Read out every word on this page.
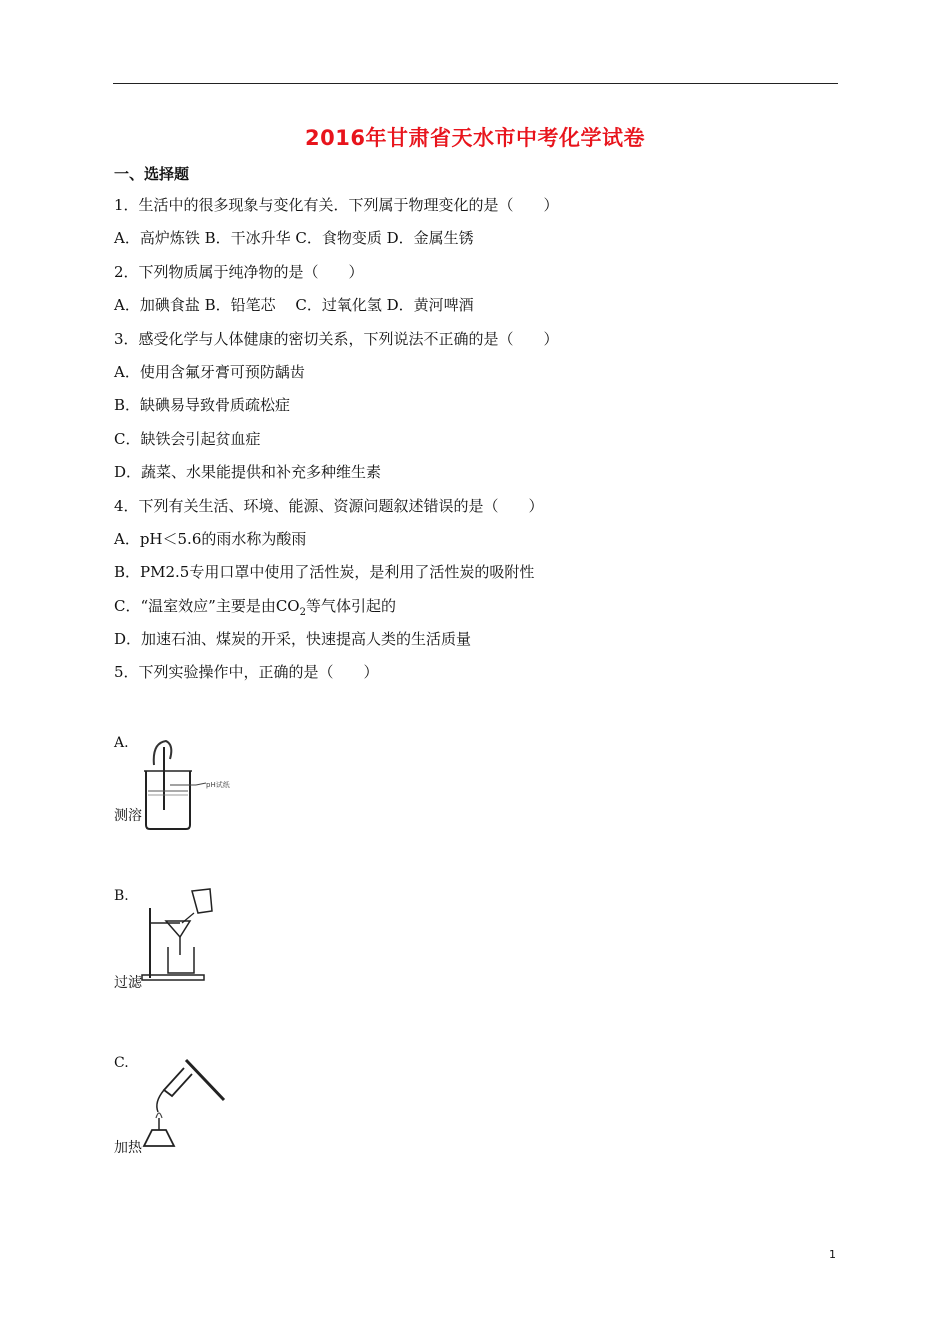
2016年甘肃省天水市中考化学试卷
一、选择题
1．生活中的很多现象与变化有关．下列属于物理变化的是（　　）
A．高炉炼铁 B．干冰升华 C．食物变质 D．金属生锈
2．下列物质属于纯净物的是（　　）
A．加碘食盐 B．铅笔芯　 C．过氧化氢 D．黄河啤酒
3．感受化学与人体健康的密切关系，下列说法不正确的是（　　）
A．使用含氟牙膏可预防龋齿
B．缺碘易导致骨质疏松症
C．缺铁会引起贫血症
D．蔬菜、水果能提供和补充多种维生素
4．下列有关生活、环境、能源、资源问题叙述错误的是（　　）
A．pH＜5.6的雨水称为酸雨
B．PM2.5专用口罩中使用了活性炭，是利用了活性炭的吸附性
C．“温室效应”主要是由$CO_2$等气体引起的
D．加速石油、煤炭的开采，快速提高人类的生活质量
5．下列实验操作中，正确的是（　　）
A.
pH试纸
测溶
B.
过滤
C.
加热
1
